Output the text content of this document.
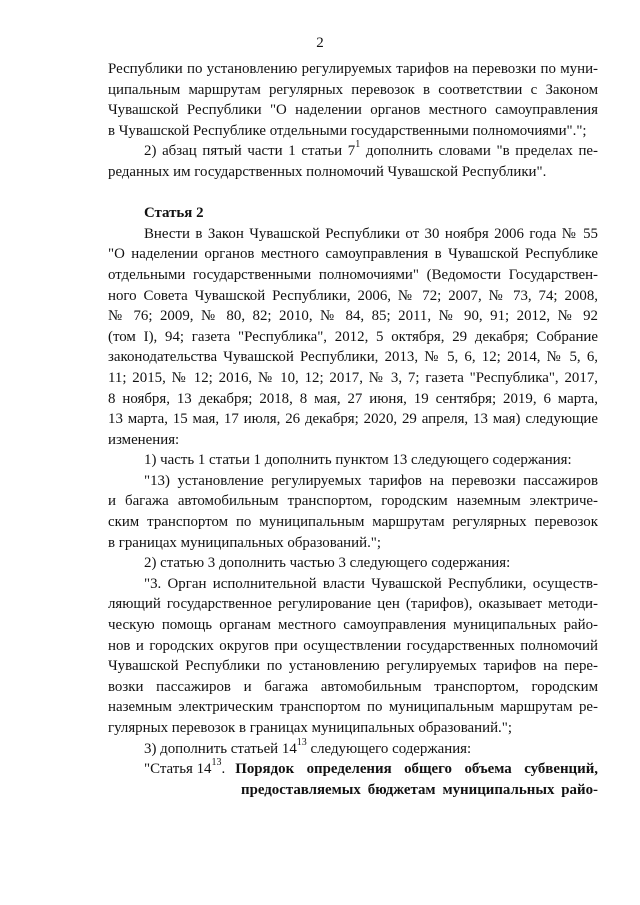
2
Республики по установлению регулируемых тарифов на перевозки по муни-
ципальным маршрутам регулярных перевозок в соответствии с Законом
Чувашской Республики "О наделении органов местного самоуправления
в Чувашской Республике отдельными государственными полномочиями".";
2) абзац пятый части 1 статьи $7^1$ дополнить словами "в пределах пе-
реданных им государственных полномочий Чувашской Республики".
Статья 2
Внести в Закон Чувашской Республики от 30 ноября 2006 года № 55
"О наделении органов местного самоуправления в Чувашской Республике
отдельными государственными полномочиями" (Ведомости Государствен-
ного Совета Чувашской Республики, 2006, № 72; 2007, № 73, 74; 2008,
№ 76; 2009, № 80, 82; 2010, № 84, 85; 2011, № 90, 91; 2012, № 92
(том I), 94; газета "Республика", 2012, 5 октября, 29 декабря; Собрание
законодательства Чувашской Республики, 2013, № 5, 6, 12; 2014, № 5, 6,
11; 2015, № 12; 2016, № 10, 12; 2017, № 3, 7; газета "Республика", 2017,
8 ноября, 13 декабря; 2018, 8 мая, 27 июня, 19 сентября; 2019, 6 марта,
13 марта, 15 мая, 17 июля, 26 декабря; 2020, 29 апреля, 13 мая) следующие
изменения:
1) часть 1 статьи 1 дополнить пунктом 13 следующего содержания:
"13) установление регулируемых тарифов на перевозки пассажиров
и багажа автомобильным транспортом, городским наземным электриче-
ским транспортом по муниципальным маршрутам регулярных перевозок
в границах муниципальных образований.";
2) статью 3 дополнить частью 3 следующего содержания:
"3. Орган исполнительной власти Чувашской Республики, осуществ-
ляющий государственное регулирование цен (тарифов), оказывает методи-
ческую помощь органам местного самоуправления муниципальных райо-
нов и городских округов при осуществлении государственных полномочий
Чувашской Республики по установлению регулируемых тарифов на пере-
возки пассажиров и багажа автомобильным транспортом, городским
наземным электрическим транспортом по муниципальным маршрутам ре-
гулярных перевозок в границах муниципальных образований.";
3) дополнить статьей $14^{13}$ следующего содержания:
"Статья $14^{13}$. Порядок определения общего объема субвенций,
предоставляемых бюджетам муниципальных райо-
